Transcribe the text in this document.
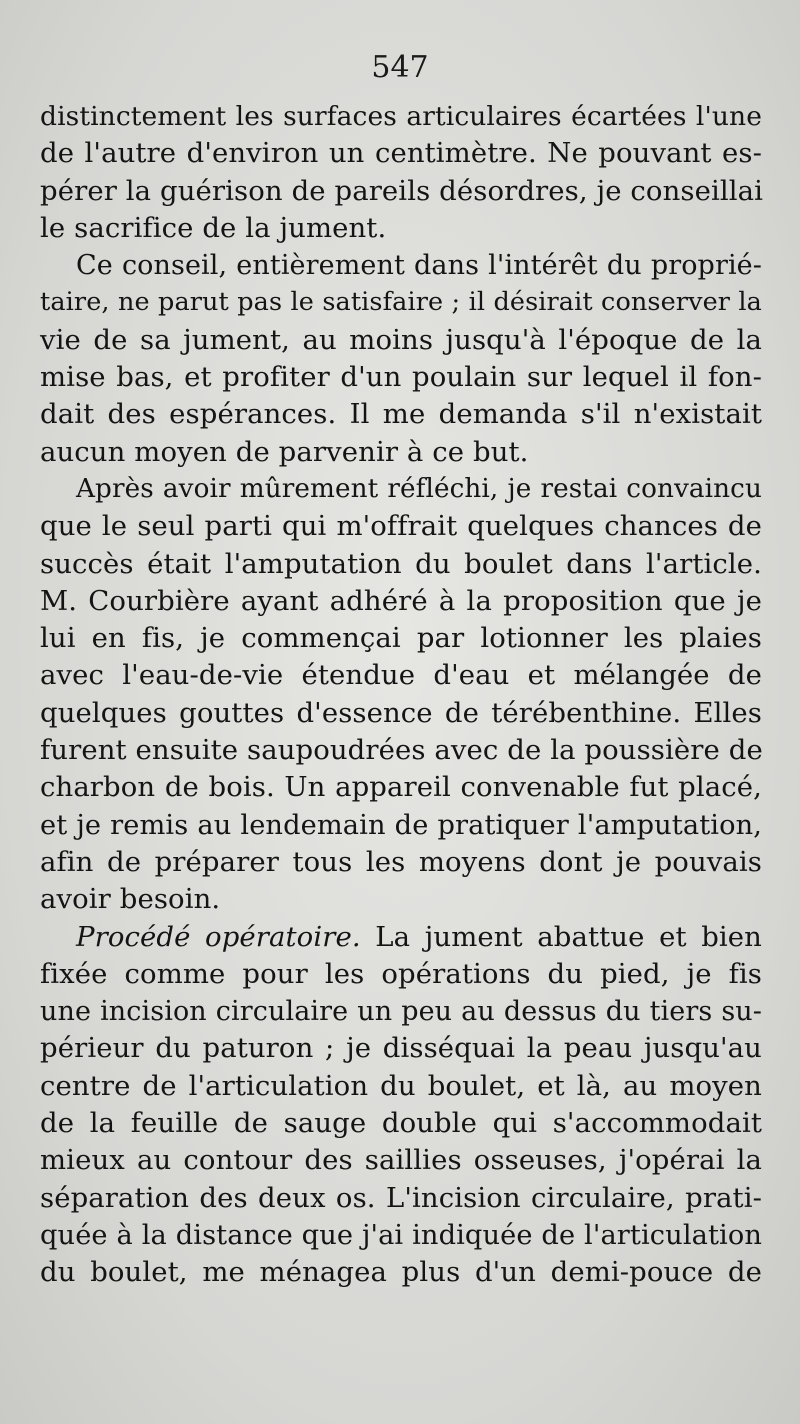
547
distinctement les surfaces articulaires écartées l'une
de l'autre d'environ un centimètre. Ne pouvant es-
pérer la guérison de pareils désordres, je conseillai
le sacrifice de la jument.
Ce conseil, entièrement dans l'intérêt du proprié-
taire, ne parut pas le satisfaire ; il désirait conserver la
vie de sa jument, au moins jusqu'à l'époque de la
mise bas, et profiter d'un poulain sur lequel il fon-
dait des espérances. Il me demanda s'il n'existait
aucun moyen de parvenir à ce but.
Après avoir mûrement réfléchi, je restai convaincu
que le seul parti qui m'offrait quelques chances de
succès était l'amputation du boulet dans l'article.
M. Courbière ayant adhéré à la proposition que je
lui en fis, je commençai par lotionner les plaies
avec l'eau-de-vie étendue d'eau et mélangée de
quelques gouttes d'essence de térébenthine. Elles
furent ensuite saupoudrées avec de la poussière de
charbon de bois. Un appareil convenable fut placé,
et je remis au lendemain de pratiquer l'amputation,
afin de préparer tous les moyens dont je pouvais
avoir besoin.
Procédé opératoire. La jument abattue et bien
fixée comme pour les opérations du pied, je fis
une incision circulaire un peu au dessus du tiers su-
périeur du paturon ; je disséquai la peau jusqu'au
centre de l'articulation du boulet, et là, au moyen
de la feuille de sauge double qui s'accommodait
mieux au contour des saillies osseuses, j'opérai la
séparation des deux os. L'incision circulaire, prati-
quée à la distance que j'ai indiquée de l'articulation
du boulet, me ménagea plus d'un demi-pouce de
